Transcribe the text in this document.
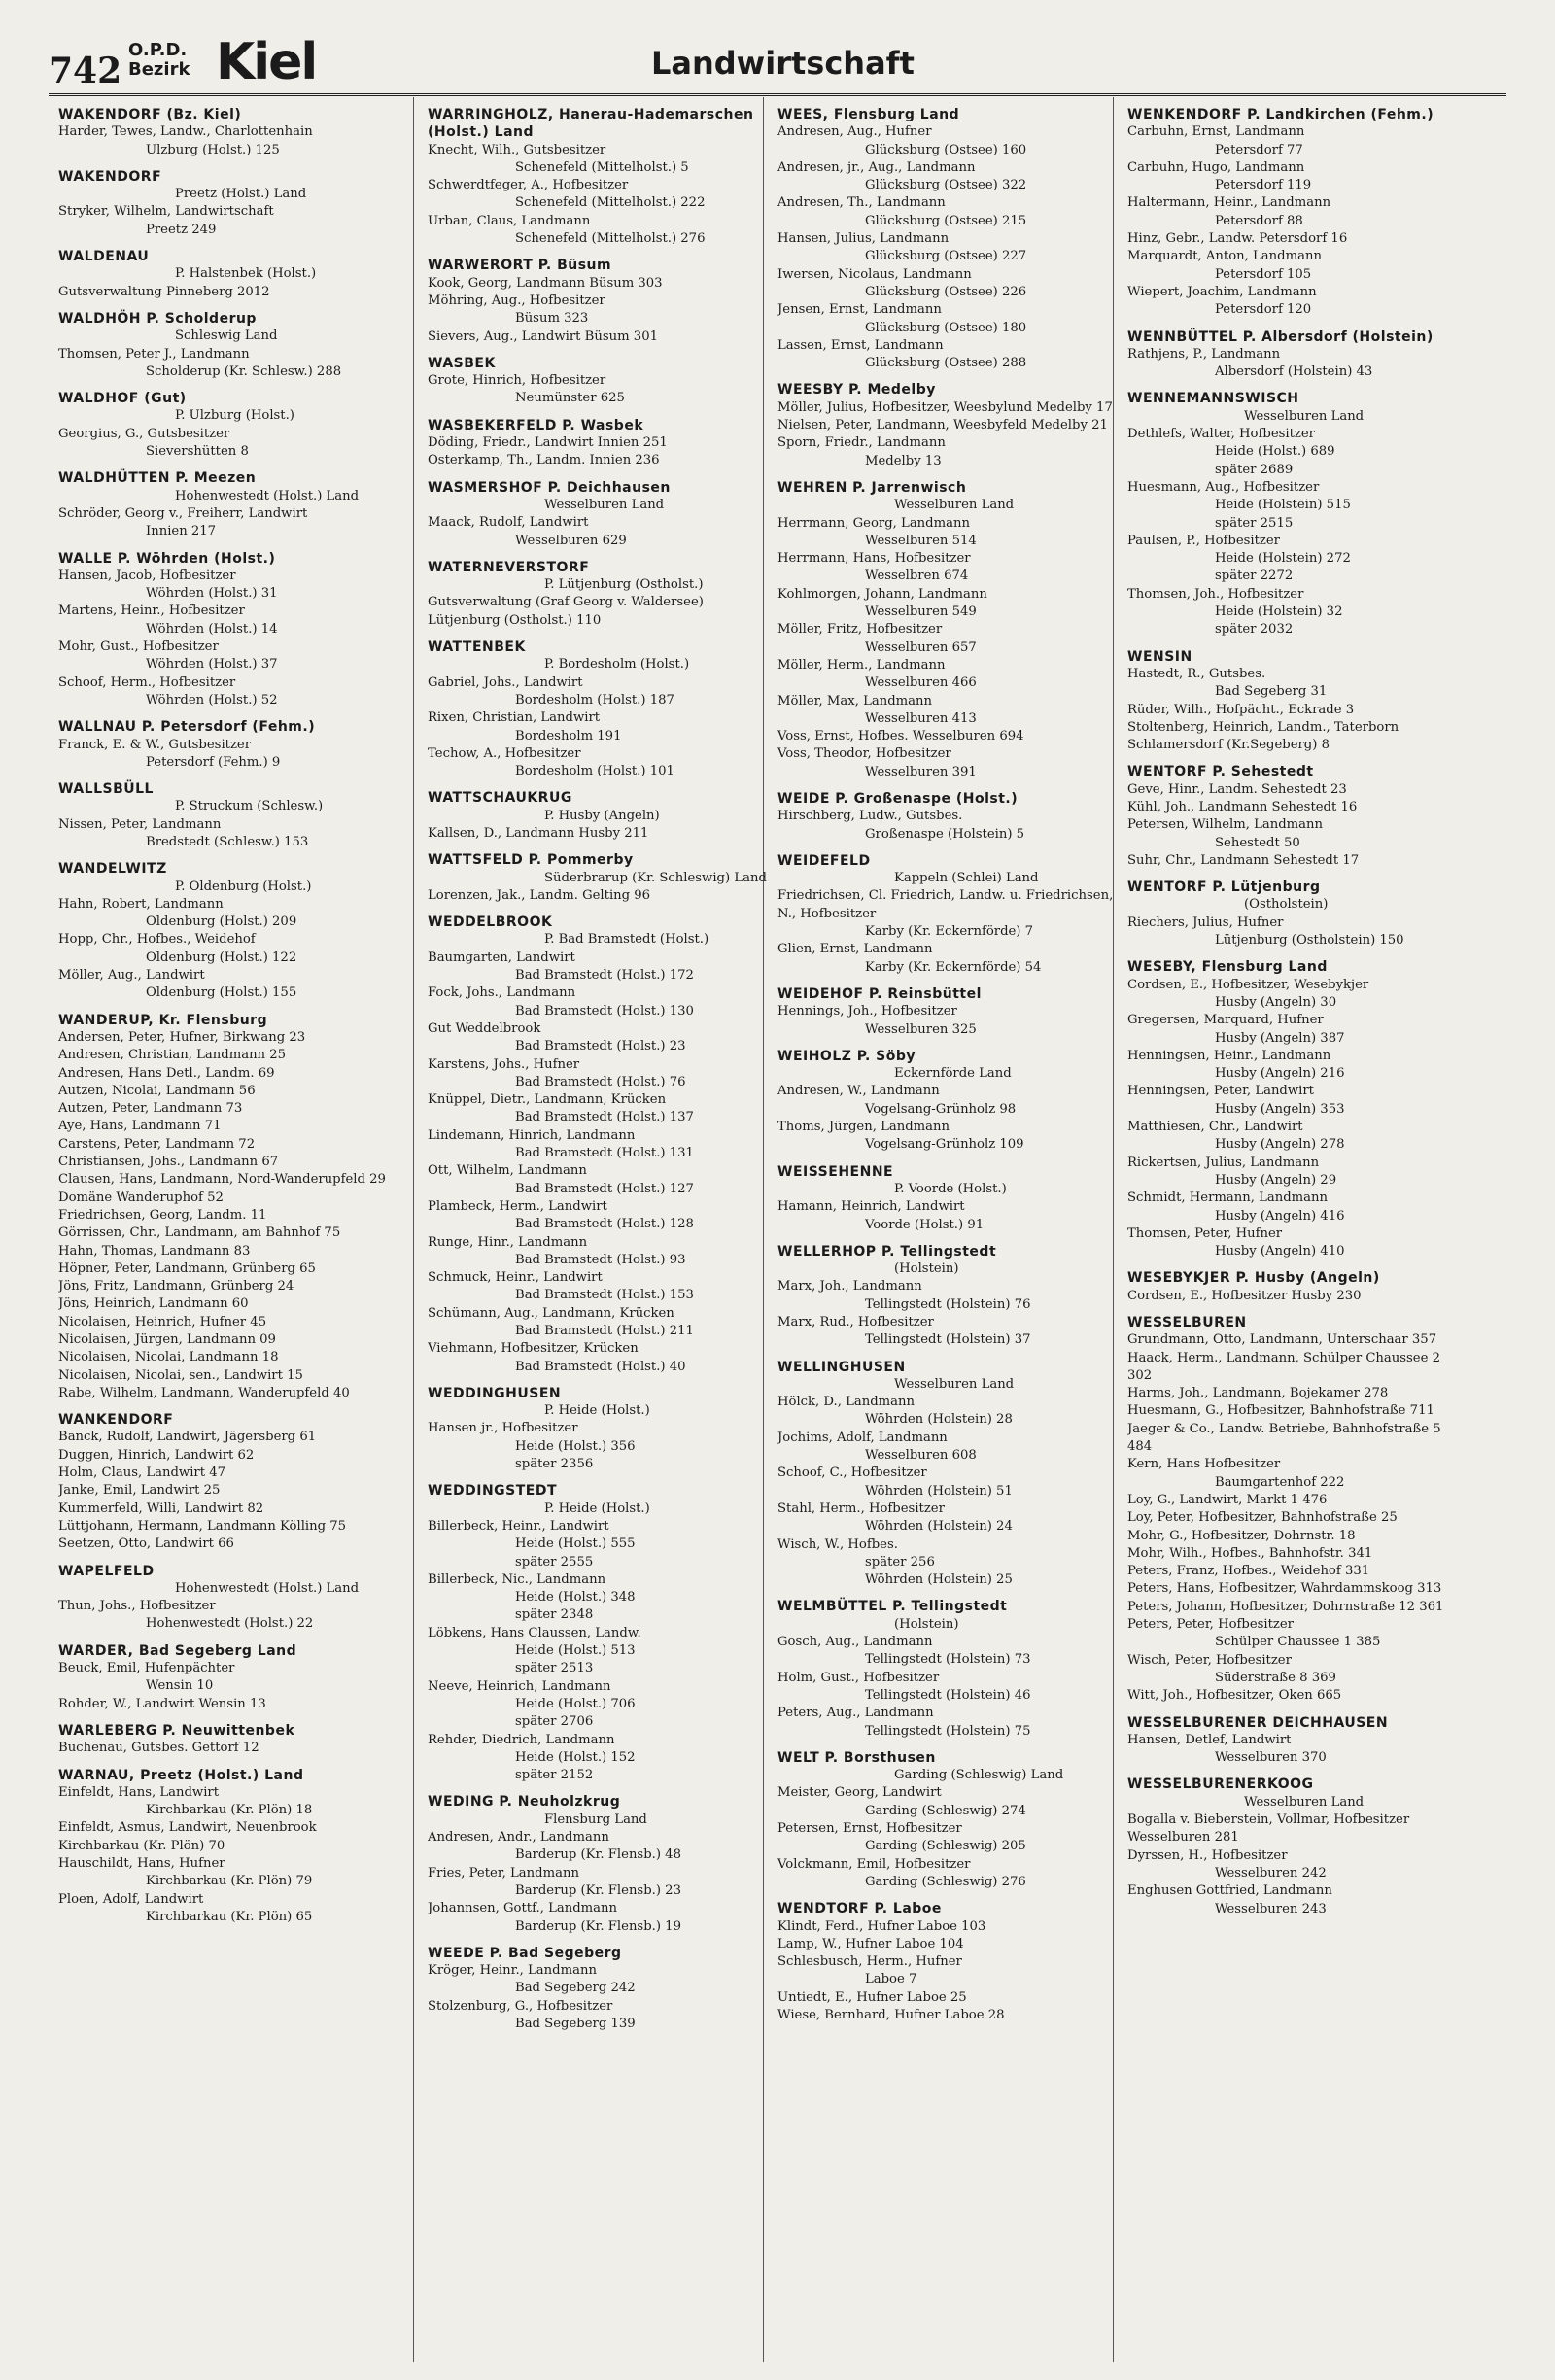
742
O.P.D.
Bezirk Kiel	Landwirtschaft
WAKENDORF (Bz. Kiel)
Harder, Tewes, Landw., Charlottenhain
Ulzburg (Holst.) 125
WAKENDORF
Preetz (Holst.) Land
Stryker, Wilhelm, Landwirtschaft
Preetz 249
WALDENAU
P. Halstenbek (Holst.)
Gutsverwaltung Pinneberg 2012
WALDHÖH P. Scholderup
Schleswig Land
Thomsen, Peter J., Landmann
Scholderup (Kr. Schlesw.) 288
WALDHOF (Gut)
P. Ulzburg (Holst.)
Georgius, G., Gutsbesitzer
Sievershütten 8
WALDHÜTTEN P. Meezen
Hohenwestedt (Holst.) Land
Schröder, Georg v., Freiherr, Landwirt
Innien 217
WALLE P. Wöhrden (Holst.)
Hansen, Jacob, Hofbesitzer
Wöhrden (Holst.) 31
Martens, Heinr., Hofbesitzer
Wöhrden (Holst.) 14
Mohr, Gust., Hofbesitzer
Wöhrden (Holst.) 37
Schoof, Herm., Hofbesitzer
Wöhrden (Holst.) 52
WALLNAU P. Petersdorf (Fehm.)
Franck, E. & W., Gutsbesitzer
Petersdorf (Fehm.) 9
WALLSBÜLL
P. Struckum (Schlesw.)
Nissen, Peter, Landmann
Bredstedt (Schlesw.) 153
WANDELWITZ
P. Oldenburg (Holst.)
Hahn, Robert, Landmann
Oldenburg (Holst.) 209
Hopp, Chr., Hofbes., Weidehof
Oldenburg (Holst.) 122
Möller, Aug., Landwirt
Oldenburg (Holst.) 155
WANDERUP, Kr. Flensburg
Andersen, Peter, Hufner, Birkwang 23
Andresen, Christian, Landmann 25
Andresen, Hans Detl., Landm. 69
Autzen, Nicolai, Landmann 56
Autzen, Peter, Landmann 73
Aye, Hans, Landmann 71
Carstens, Peter, Landmann 72
Christiansen, Johs., Landmann 67
Clausen, Hans, Landmann, Nord-Wanderupfeld 29
Domäne Wanderuphof 52
Friedrichsen, Georg, Landm. 11
Görrissen, Chr., Landmann, am Bahnhof 75
Hahn, Thomas, Landmann 83
Höpner, Peter, Landmann, Grünberg 65
Jöns, Fritz, Landmann, Grünberg 24
Jöns, Heinrich, Landmann 60
Nicolaisen, Heinrich, Hufner 45
Nicolaisen, Jürgen, Landmann 09
Nicolaisen, Nicolai, Landmann 18
Nicolaisen, Nicolai, sen., Landwirt 15
Rabe, Wilhelm, Landmann, Wanderupfeld 40
WANKENDORF
Banck, Rudolf, Landwirt, Jägersberg 61
Duggen, Hinrich, Landwirt 62
Holm, Claus, Landwirt 47
Janke, Emil, Landwirt 25
Kummerfeld, Willi, Landwirt 82
Lüttjohann, Hermann, Landmann Kölling 75
Seetzen, Otto, Landwirt 66
WAPELFELD
Hohenwestedt (Holst.) Land
Thun, Johs., Hofbesitzer
Hohenwestedt (Holst.) 22
WARDER, Bad Segeberg Land
Beuck, Emil, Hufenpächter
Wensin 10
Rohder, W., Landwirt Wensin 13
WARLEBERG P. Neuwittenbek
Buchenau, Gutsbes. Gettorf 12
WARNAU, Preetz (Holst.) Land
Einfeldt, Hans, Landwirt
Kirchbarkau (Kr. Plön) 18
Einfeldt, Asmus, Landwirt, Neuenbrook Kirchbarkau (Kr. Plön) 70
Hauschildt, Hans, Hufner
Kirchbarkau (Kr. Plön) 79
Ploen, Adolf, Landwirt
Kirchbarkau (Kr. Plön) 65
WARRINGHOLZ, Hanerau-Hademarschen (Holst.) Land
Knecht, Wilh., Gutsbesitzer
Schenefeld (Mittelholst.) 5
Schwerdtfeger, A., Hofbesitzer
Schenefeld (Mittelholst.) 222
Urban, Claus, Landmann
Schenefeld (Mittelholst.) 276
WARWERORT P. Büsum
Kook, Georg, Landmann Büsum 303
Möhring, Aug., Hofbesitzer
Büsum 323
Sievers, Aug., Landwirt Büsum 301
WASBEK
Grote, Hinrich, Hofbesitzer
Neumünster 625
WASBEKERFELD P. Wasbek
Döding, Friedr., Landwirt Innien 251
Osterkamp, Th., Landm. Innien 236
WASMERSHOF P. Deichhausen
Wesselburen Land
Maack, Rudolf, Landwirt
Wesselburen 629
WATERNEVERSTORF
P. Lütjenburg (Ostholst.)
Gutsverwaltung (Graf Georg v. Waldersee) Lütjenburg (Ostholst.) 110
WATTENBEK
P. Bordesholm (Holst.)
Gabriel, Johs., Landwirt
Bordesholm (Holst.) 187
Rixen, Christian, Landwirt
Bordesholm 191
Techow, A., Hofbesitzer
Bordesholm (Holst.) 101
WATTSCHAUKRUG
P. Husby (Angeln)
Kallsen, D., Landmann Husby 211
WATTSFELD P. Pommerby
Süderbrarup (Kr. Schleswig) Land
Lorenzen, Jak., Landm. Gelting 96
WEDDELBROOK
P. Bad Bramstedt (Holst.)
Baumgarten, Landwirt
Bad Bramstedt (Holst.) 172
Fock, Johs., Landmann
Bad Bramstedt (Holst.) 130
Gut Weddelbrook
Bad Bramstedt (Holst.) 23
Karstens, Johs., Hufner
Bad Bramstedt (Holst.) 76
Knüppel, Dietr., Landmann, Krücken
Bad Bramstedt (Holst.) 137
Lindemann, Hinrich, Landmann
Bad Bramstedt (Holst.) 131
Ott, Wilhelm, Landmann
Bad Bramstedt (Holst.) 127
Plambeck, Herm., Landwirt
Bad Bramstedt (Holst.) 128
Runge, Hinr., Landmann
Bad Bramstedt (Holst.) 93
Schmuck, Heinr., Landwirt
Bad Bramstedt (Holst.) 153
Schümann, Aug., Landmann, Krücken
Bad Bramstedt (Holst.) 211
Viehmann, Hofbesitzer, Krücken
Bad Bramstedt (Holst.) 40
WEDDINGHUSEN
P. Heide (Holst.)
Hansen jr., Hofbesitzer
Heide (Holst.) 356
später 2356
WEDDINGSTEDT
P. Heide (Holst.)
Billerbeck, Heinr., Landwirt
Heide (Holst.) 555
später 2555
Billerbeck, Nic., Landmann
Heide (Holst.) 348
später 2348
Löbkens, Hans Claussen, Landw.
Heide (Holst.) 513
später 2513
Neeve, Heinrich, Landmann
Heide (Holst.) 706
später 2706
Rehder, Diedrich, Landmann
Heide (Holst.) 152
später 2152
WEDING P. Neuholzkrug
Flensburg Land
Andresen, Andr., Landmann
Barderup (Kr. Flensb.) 48
Fries, Peter, Landmann
Barderup (Kr. Flensb.) 23
Johannsen, Gottf., Landmann
Barderup (Kr. Flensb.) 19
WEEDE P. Bad Segeberg
Kröger, Heinr., Landmann
Bad Segeberg 242
Stolzenburg, G., Hofbesitzer
Bad Segeberg 139
WEES, Flensburg Land
Andresen, Aug., Hufner
Glücksburg (Ostsee) 160
Andresen, jr., Aug., Landmann
Glücksburg (Ostsee) 322
Andresen, Th., Landmann
Glücksburg (Ostsee) 215
Hansen, Julius, Landmann
Glücksburg (Ostsee) 227
Iwersen, Nicolaus, Landmann
Glücksburg (Ostsee) 226
Jensen, Ernst, Landmann
Glücksburg (Ostsee) 180
Lassen, Ernst, Landmann
Glücksburg (Ostsee) 288
WEESBY P. Medelby
Möller, Julius, Hofbesitzer, Weesbylund Medelby 17
Nielsen, Peter, Landmann, Weesbyfeld Medelby 21
Sporn, Friedr., Landmann
Medelby 13
WEHREN P. Jarrenwisch
Wesselburen Land
Herrmann, Georg, Landmann
Wesselburen 514
Herrmann, Hans, Hofbesitzer
Wesselbren 674
Kohlmorgen, Johann, Landmann
Wesselburen 549
Möller, Fritz, Hofbesitzer
Wesselburen 657
Möller, Herm., Landmann
Wesselburen 466
Möller, Max, Landmann
Wesselburen 413
Voss, Ernst, Hofbes. Wesselburen 694
Voss, Theodor, Hofbesitzer
Wesselburen 391
WEIDE P. Großenaspe (Holst.)
Hirschberg, Ludw., Gutsbes.
Großenaspe (Holstein) 5
WEIDEFELD
Kappeln (Schlei) Land
Friedrichsen, Cl. Friedrich, Landw. u. Friedrichsen, N., Hofbesitzer
Karby (Kr. Eckernförde) 7
Glien, Ernst, Landmann
Karby (Kr. Eckernförde) 54
WEIDEHOF P. Reinsbüttel
Hennings, Joh., Hofbesitzer
Wesselburen 325
WEIHOLZ P. Söby
Eckernförde Land
Andresen, W., Landmann
Vogelsang-Grünholz 98
Thoms, Jürgen, Landmann
Vogelsang-Grünholz 109
WEISSEHENNE
P. Voorde (Holst.)
Hamann, Heinrich, Landwirt
Voorde (Holst.) 91
WELLERHOP P. Tellingstedt
(Holstein)
Marx, Joh., Landmann
Tellingstedt (Holstein) 76
Marx, Rud., Hofbesitzer
Tellingstedt (Holstein) 37
WELLINGHUSEN
Wesselburen Land
Hölck, D., Landmann
Wöhrden (Holstein) 28
Jochims, Adolf, Landmann
Wesselburen 608
Schoof, C., Hofbesitzer
Wöhrden (Holstein) 51
Stahl, Herm., Hofbesitzer
Wöhrden (Holstein) 24
Wisch, W., Hofbes.
später 256
Wöhrden (Holstein) 25
WELMBÜTTEL P. Tellingstedt
(Holstein)
Gosch, Aug., Landmann
Tellingstedt (Holstein) 73
Holm, Gust., Hofbesitzer
Tellingstedt (Holstein) 46
Peters, Aug., Landmann
Tellingstedt (Holstein) 75
WELT P. Borsthusen
Garding (Schleswig) Land
Meister, Georg, Landwirt
Garding (Schleswig) 274
Petersen, Ernst, Hofbesitzer
Garding (Schleswig) 205
Volckmann, Emil, Hofbesitzer
Garding (Schleswig) 276
WENDTORF P. Laboe
Klindt, Ferd., Hufner Laboe 103
Lamp, W., Hufner Laboe 104
Schlesbusch, Herm., Hufner
Laboe 7
Untiedt, E., Hufner Laboe 25
Wiese, Bernhard, Hufner Laboe 28
WENKENDORF P. Landkirchen (Fehm.)
Carbuhn, Ernst, Landmann
Petersdorf 77
Carbuhn, Hugo, Landmann
Petersdorf 119
Haltermann, Heinr., Landmann
Petersdorf 88
Hinz, Gebr., Landw. Petersdorf 16
Marquardt, Anton, Landmann
Petersdorf 105
Wiepert, Joachim, Landmann
Petersdorf 120
WENNBÜTTEL P. Albersdorf (Holstein)
Rathjens, P., Landmann
Albersdorf (Holstein) 43
WENNEMANNSWISCH
Wesselburen Land
Dethlefs, Walter, Hofbesitzer
Heide (Holst.) 689
später 2689
Huesmann, Aug., Hofbesitzer
Heide (Holstein) 515
später 2515
Paulsen, P., Hofbesitzer
Heide (Holstein) 272
später 2272
Thomsen, Joh., Hofbesitzer
Heide (Holstein) 32
später 2032
WENSIN
Hastedt, R., Gutsbes.
Bad Segeberg 31
Rüder, Wilh., Hofpächt., Eckrade 3
Stoltenberg, Heinrich, Landm., Taterborn Schlamersdorf (Kr.Segeberg) 8
WENTORF P. Sehestedt
Geve, Hinr., Landm. Sehestedt 23
Kühl, Joh., Landmann Sehestedt 16
Petersen, Wilhelm, Landmann
Sehestedt 50
Suhr, Chr., Landmann Sehestedt 17
WENTORF P. Lütjenburg
(Ostholstein)
Riechers, Julius, Hufner
Lütjenburg (Ostholstein) 150
WESEBY, Flensburg Land
Cordsen, E., Hofbesitzer, Wesebykjer
Husby (Angeln) 30
Gregersen, Marquard, Hufner
Husby (Angeln) 387
Henningsen, Heinr., Landmann
Husby (Angeln) 216
Henningsen, Peter, Landwirt
Husby (Angeln) 353
Matthiesen, Chr., Landwirt
Husby (Angeln) 278
Rickertsen, Julius, Landmann
Husby (Angeln) 29
Schmidt, Hermann, Landmann
Husby (Angeln) 416
Thomsen, Peter, Hufner
Husby (Angeln) 410
WESEBYKJER P. Husby (Angeln)
Cordsen, E., Hofbesitzer Husby 230
WESSELBUREN
Grundmann, Otto, Landmann, Unterschaar 357
Haack, Herm., Landmann, Schülper Chaussee 2 302
Harms, Joh., Landmann, Bojekamer 278
Huesmann, G., Hofbesitzer, Bahnhofstraße 711
Jaeger & Co., Landw. Betriebe, Bahnhofstraße 5 484
Kern, Hans Hofbesitzer
Baumgartenhof 222
Loy, G., Landwirt, Markt 1 476
Loy, Peter, Hofbesitzer, Bahnhofstraße 25
Mohr, G., Hofbesitzer, Dohrnstr. 18
Mohr, Wilh., Hofbes., Bahnhofstr. 341
Peters, Franz, Hofbes., Weidehof 331
Peters, Hans, Hofbesitzer, Wahrdammskoog 313
Peters, Johann, Hofbesitzer, Dohrnstraße 12 361
Peters, Peter, Hofbesitzer
Schülper Chaussee 1 385
Wisch, Peter, Hofbesitzer
Süderstraße 8 369
Witt, Joh., Hofbesitzer, Oken 665
WESSELBURENER DEICHHAUSEN
Hansen, Detlef, Landwirt
Wesselburen 370
WESSELBURENERKOOG
Wesselburen Land
Bogalla v. Bieberstein, Vollmar, Hofbesitzer Wesselburen 281
Dyrssen, H., Hofbesitzer
Wesselburen 242
Enghusen Gottfried, Landmann
Wesselburen 243
